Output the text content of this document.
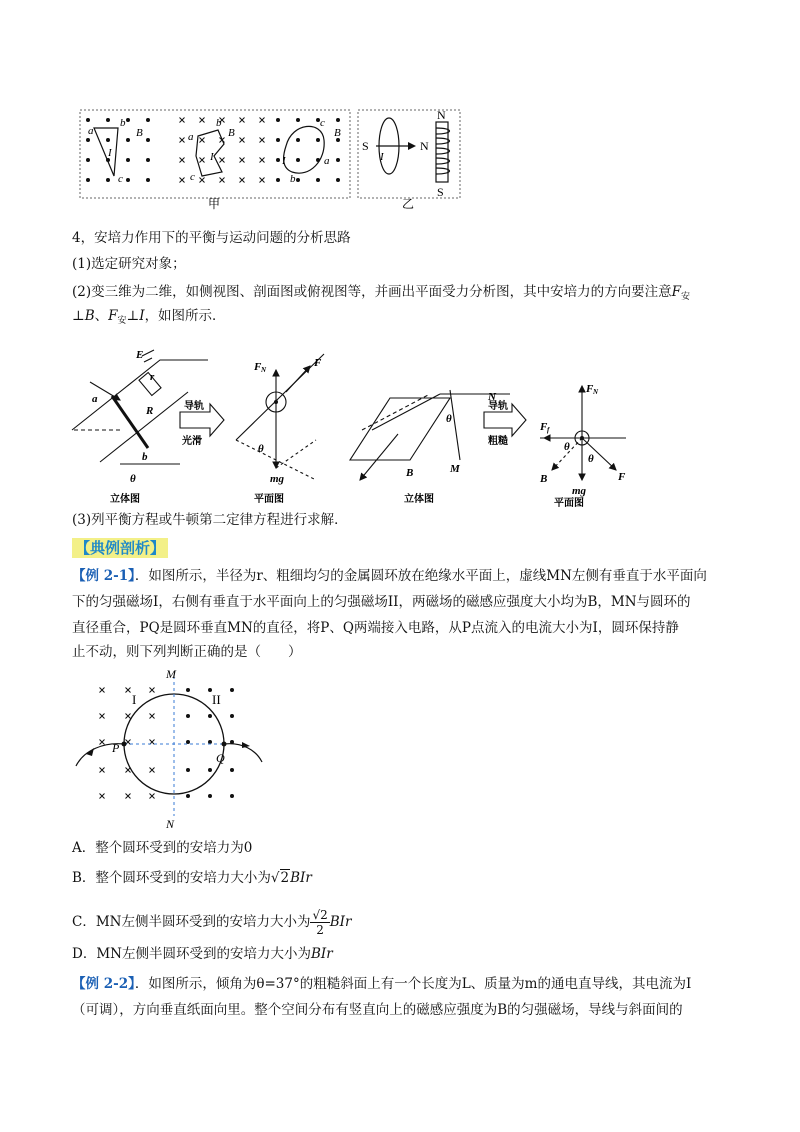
a
b
c
B
I
a
b
c
B
I
c
a
b
B
I	I
S	N
N
S
甲	乙
4，安培力作用下的平衡与运动问题的分析思路
(1)选定研究对象；
(2)变三维为二维，如侧视图、剖面图或俯视图等，并画出平面受力分析图，其中安培力的方向要注意$F_安$
⊥B、$F_安\perp I$，如图所示．
E
r
R
a
b
θ
F N
F
θ
mg
N
θ
B	M
F N
F f
θ
θ
mg
B	F
导轨
光滑
导轨
粗糙
立体图	平面图	立体图	平面图
(3)列平衡方程或牛顿第二定律方程进行求解．
【典例剖析】
【例 2-1】．如图所示，半径为r、粗细均匀的金属圆环放在绝缘水平面上，虚线MN左侧有垂直于水平面向
下的匀强磁场I，右侧有垂直于水平面向上的匀强磁场II，两磁场的磁感应强度大小均为B，MN与圆环的
直径重合，PQ是圆环垂直MN的直径，将P、Q两端接入电路，从P点流入的电流大小为I，圆环保持静
止不动，则下列判断正确的是（　　）
M
N
P
Q
I	II
A．整个圆环受到的安培力为0
B．整个圆环受到的安培力大小为√2BIr
C．MN左侧半圆环受到的安培力大小为 $\frac{√2}{2}BIr$
D．MN左侧半圆环受到的安培力大小为BIr
【例 2-2】．如图所示，倾角为θ=37°的粗糙斜面上有一个长度为L、质量为m的通电直导线，其电流为I
（可调），方向垂直纸面向里。整个空间分布有竖直向上的磁感应强度为B的匀强磁场，导线与斜面间的
